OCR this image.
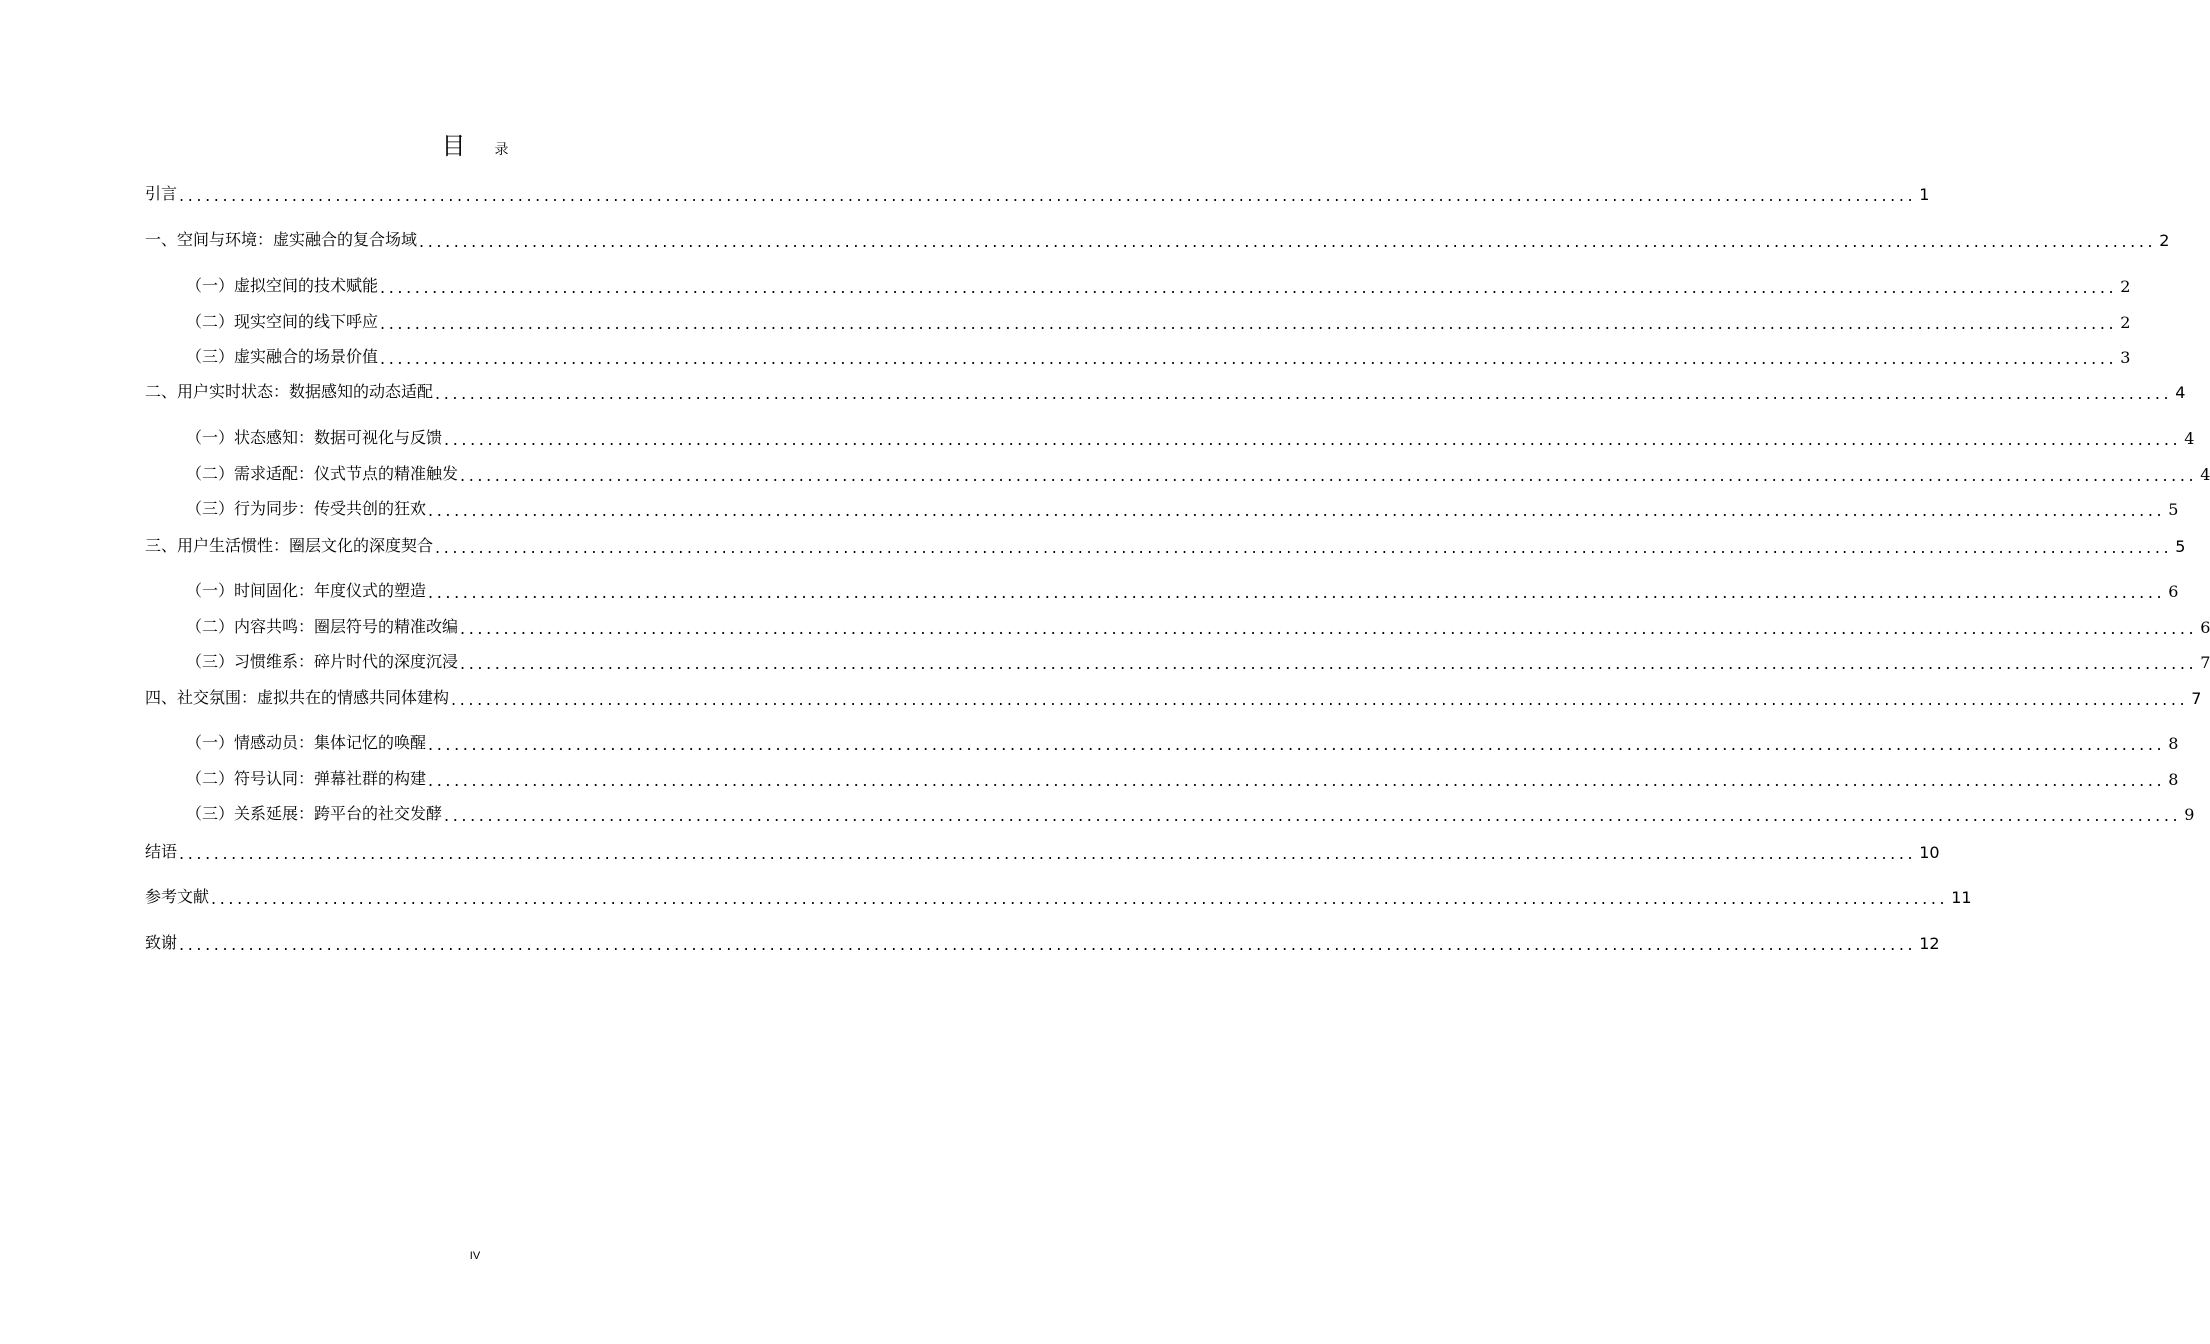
目 录
引言 ........................................................................................................................................................................................................ 1
一、 空间与环境：虚实融合的复合场域 ........................................................................................................................................................................................................ 2
（一） 虚拟空间的技术赋能 ........................................................................................................................................................................................................ 2
（二） 现实空间的线下呼应 ........................................................................................................................................................................................................ 2
（三） 虚实融合的场景价值 ........................................................................................................................................................................................................ 3
二、 用户实时状态：数据感知的动态适配 ........................................................................................................................................................................................................ 4
（一） 状态感知：数据可视化与反馈 ........................................................................................................................................................................................................ 4
（二） 需求适配：仪式节点的精准触发 ........................................................................................................................................................................................................ 4
（三） 行为同步：传受共创的狂欢 ........................................................................................................................................................................................................ 5
三、 用户生活惯性：圈层文化的深度契合 ........................................................................................................................................................................................................ 5
（一） 时间固化：年度仪式的塑造 ........................................................................................................................................................................................................ 6
（二） 内容共鸣：圈层符号的精准改编 ........................................................................................................................................................................................................ 6
（三） 习惯维系：碎片时代的深度沉浸 ........................................................................................................................................................................................................ 7
四、 社交氛围：虚拟共在的情感共同体建构 ........................................................................................................................................................................................................ 7
（一） 情感动员：集体记忆的唤醒 ........................................................................................................................................................................................................ 8
（二） 符号认同：弹幕社群的构建 ........................................................................................................................................................................................................ 8
（三） 关系延展：跨平台的社交发酵 ........................................................................................................................................................................................................ 9
结语 ........................................................................................................................................................................................................ 10
参考文献 ........................................................................................................................................................................................................ 11
致谢 ........................................................................................................................................................................................................ 12
IV
